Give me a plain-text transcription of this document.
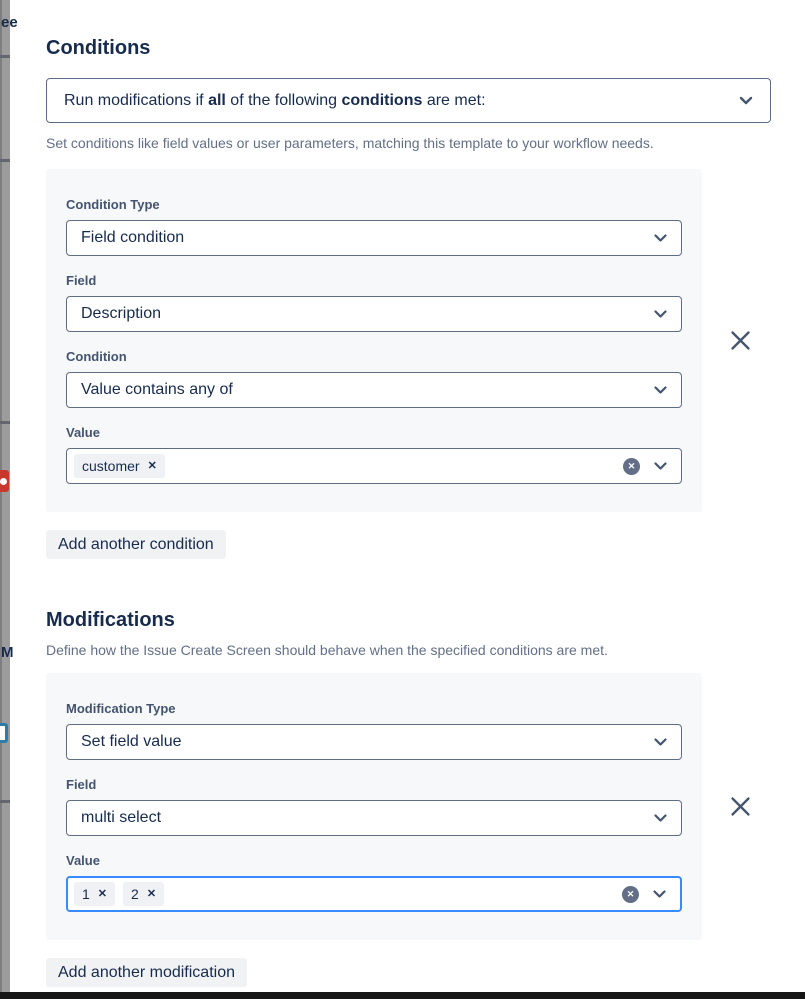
ee
M
Conditions
Run modifications if all of the following conditions are met:
Set conditions like field values or user parameters, matching this template to your workflow needs.
Condition Type
Field condition
Field
Description
Condition
Value contains any of
Value
customer ✕	✕
Add another condition
Modifications
Define how the Issue Create Screen should behave when the specified conditions are met.
Modification Type
Set field value
Field
multi select
Value
1 ✕ 2 ✕	✕
Add another modification
